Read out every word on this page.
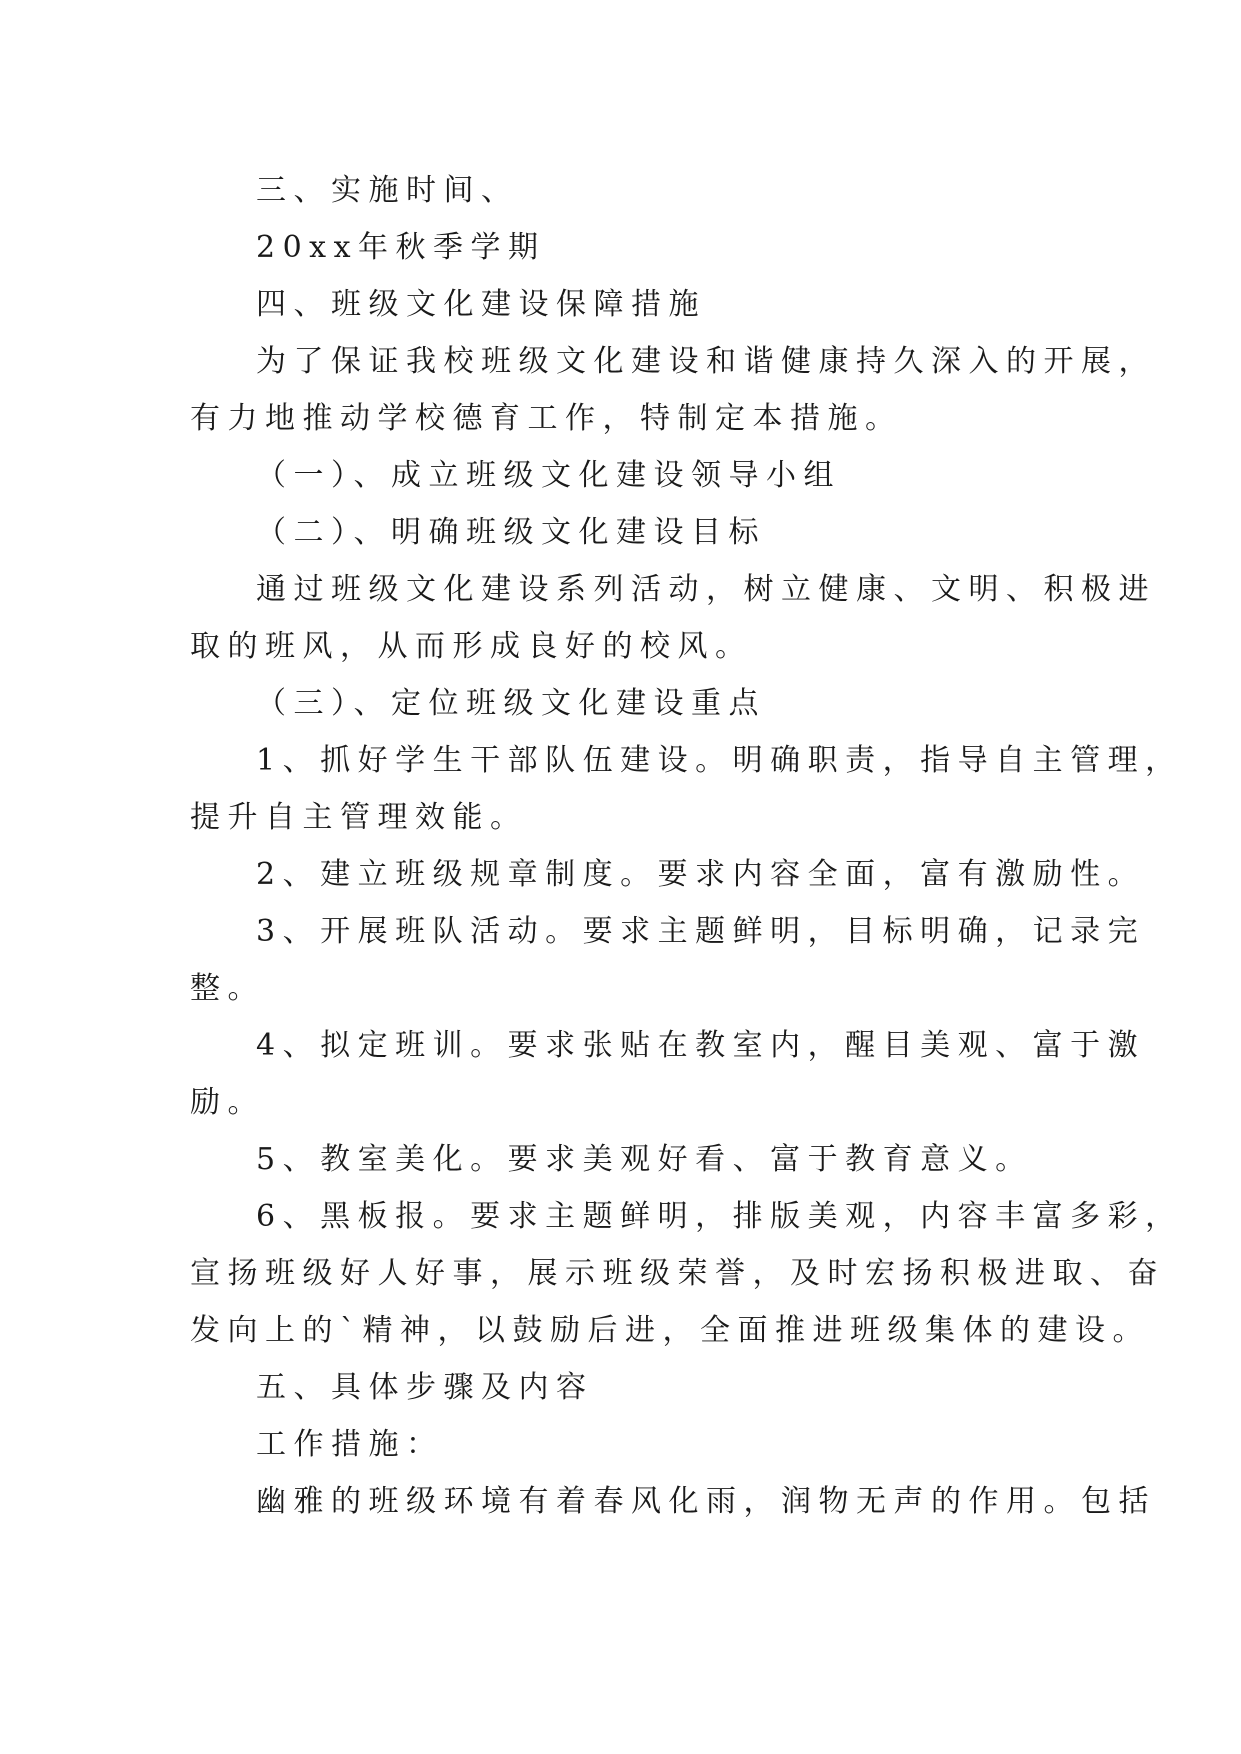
三、实施时间、

20xx年秋季学期

四、班级文化建设保障措施

为了保证我校班级文化建设和谐健康持久深入的开展，

有力地推动学校德育工作，特制定本措施。

（一）、成立班级文化建设领导小组

（二）、明确班级文化建设目标

通过班级文化建设系列活动，树立健康、文明、积极进

取的班风，从而形成良好的校风。

（三）、定位班级文化建设重点

1、抓好学生干部队伍建设。明确职责，指导自主管理，

提升自主管理效能。

2、建立班级规章制度。要求内容全面，富有激励性。

3、开展班队活动。要求主题鲜明，目标明确，记录完

整。

4、拟定班训。要求张贴在教室内，醒目美观、富于激

励。

5、教室美化。要求美观好看、富于教育意义。

6、黑板报。要求主题鲜明，排版美观，内容丰富多彩，

宣扬班级好人好事，展示班级荣誉，及时宏扬积极进取、奋

发向上的`精神，以鼓励后进，全面推进班级集体的建设。

五、具体步骤及内容

工作措施：

幽雅的班级环境有着春风化雨，润物无声的作用。包括
